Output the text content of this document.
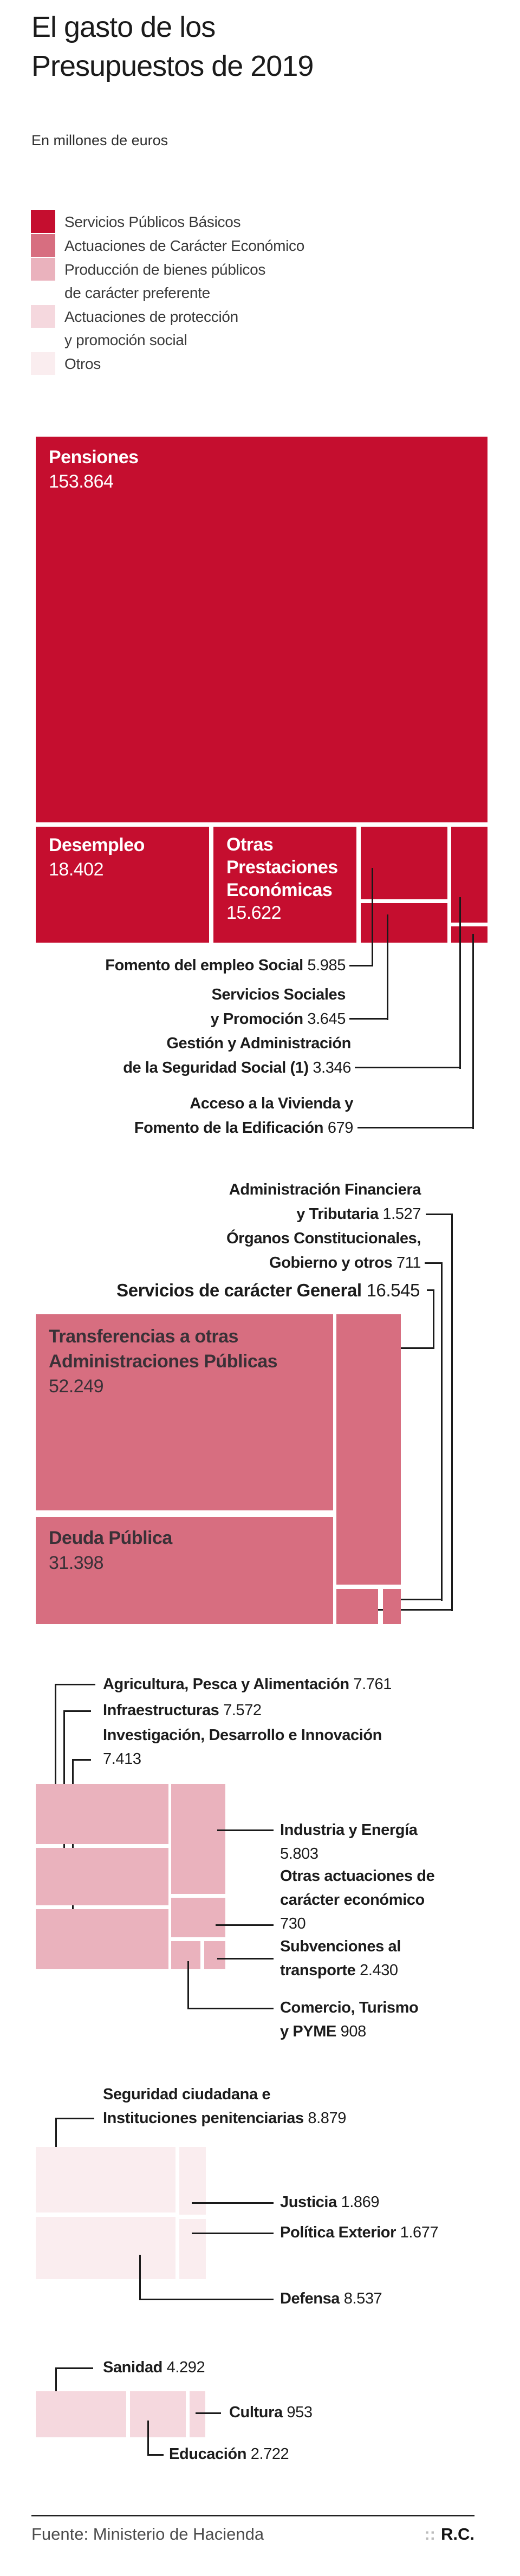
El gasto de los
Presupuestos de 2019
En millones de euros
Servicios Públicos Básicos
Actuaciones de Carácter Económico
Producción de bienes públicos
de carácter preferente
Actuaciones de protección
y promoción social
Otros
Pensiones
153.864
Desempleo
18.402
Otras
Prestaciones
Económicas
15.622
Fomento del empleo Social 5.985
Servicios Sociales
y Promoción 3.645
Gestión y Administración
de la Seguridad Social (1) 3.346
Acceso a la Vivienda y
Fomento de la Edificación 679
Administración Financiera
y Tributaria 1.527
Órganos Constitucionales,
Gobierno y otros 711
Servicios de carácter General 16.545
Transferencias a otras
Administraciones Públicas
52.249
Deuda Pública
31.398
Agricultura, Pesca y Alimentación 7.761
Infraestructuras 7.572
Investigación, Desarrollo e Innovación
7.413
Industria y Energía
5.803
Otras actuaciones de
carácter económico
730
Subvenciones al
transporte 2.430
Comercio, Turismo
y PYME 908
Seguridad ciudadana e
Instituciones penitenciarias 8.879
Justicia 1.869
Política Exterior 1.677
Defensa 8.537
Sanidad 4.292
Cultura 953
Educación 2.722
Fuente: Ministerio de Hacienda	:: R.C.
